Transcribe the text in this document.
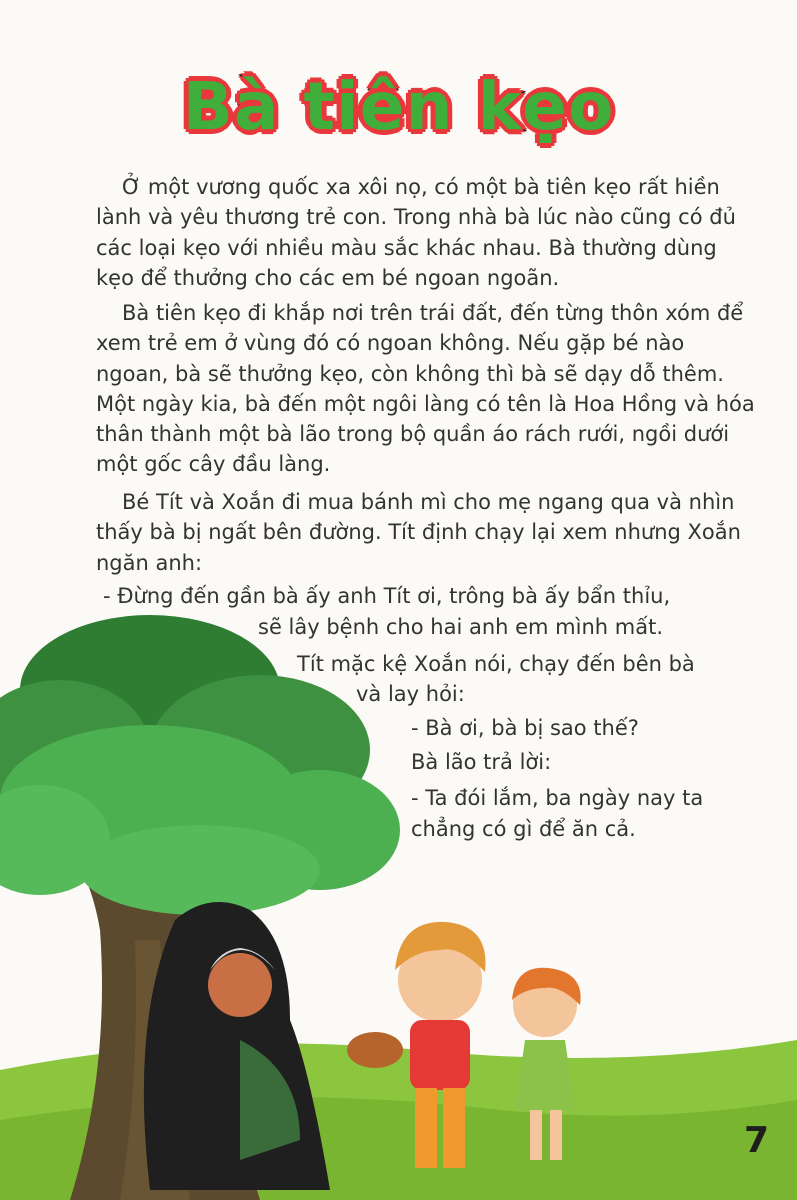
Bà tiên kẹo

Ở một vương quốc xa xôi nọ, có một bà tiên kẹo rất hiền lành và yêu thương trẻ con. Trong nhà bà lúc nào cũng có đủ các loại kẹo với nhiều màu sắc khác nhau. Bà thường dùng kẹo để thưởng cho các em bé ngoan ngoãn.

Bà tiên kẹo đi khắp nơi trên trái đất, đến từng thôn xóm để xem trẻ em ở vùng đó có ngoan không. Nếu gặp bé nào ngoan, bà sẽ thưởng kẹo, còn không thì bà sẽ dạy dỗ thêm. Một ngày kia, bà đến một ngôi làng có tên là Hoa Hồng và hóa thân thành một bà lão trong bộ quần áo rách rưới, ngồi dưới một gốc cây đầu làng.

Bé Tít và Xoắn đi mua bánh mì cho mẹ ngang qua và nhìn thấy bà bị ngất bên đường. Tít định chạy lại xem nhưng Xoắn ngăn anh:

- Đừng đến gần bà ấy anh Tít ơi, trông bà ấy bẩn thỉu,
sẽ lây bệnh cho hai anh em mình mất.
Tít mặc kệ Xoắn nói, chạy đến bên bà
và lay hỏi:
- Bà ơi, bà bị sao thế?
Bà lão trả lời:
- Ta đói lắm, ba ngày nay ta
chẳng có gì để ăn cả.
7
